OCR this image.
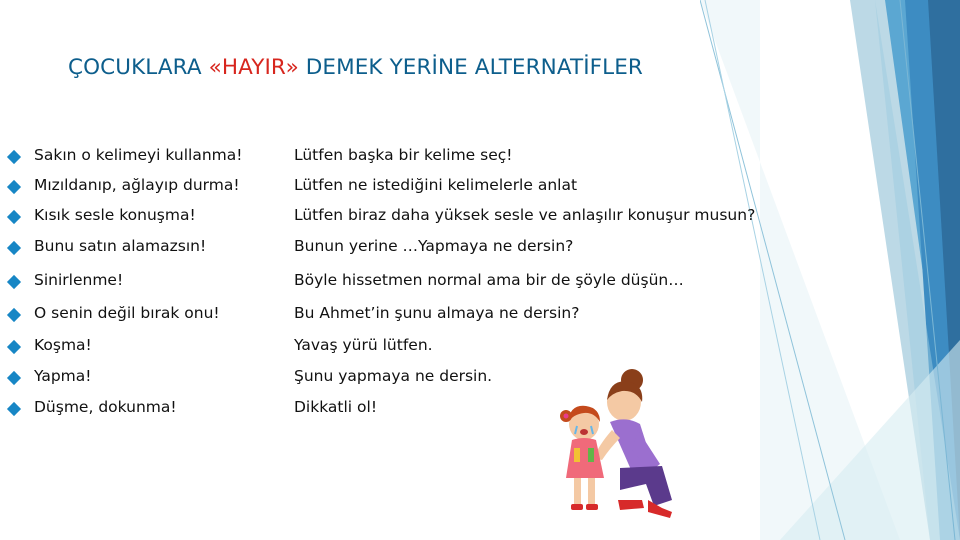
ÇOCUKLARA «HAYIR» DEMEK YERİNE ALTERNATİFLER
Sakın o kelimeyi kullanma!	Lütfen başka bir kelime seç!
Mızıldanıp, ağlayıp durma!	Lütfen ne istediğini kelimelerle anlat
Kısık sesle konuşma!	Lütfen biraz daha yüksek sesle ve anlaşılır konuşur musun?
Bunu satın alamazsın!	Bunun yerine …Yapmaya ne dersin?
Sinirlenme!	Böyle hissetmen normal ama bir de şöyle düşün…
O senin değil bırak onu!	Bu Ahmet’in şunu almaya ne dersin?
Koşma!	Yavaş yürü lütfen.
Yapma!	Şunu yapmaya ne dersin.
Düşme, dokunma!	Dikkatli ol!
